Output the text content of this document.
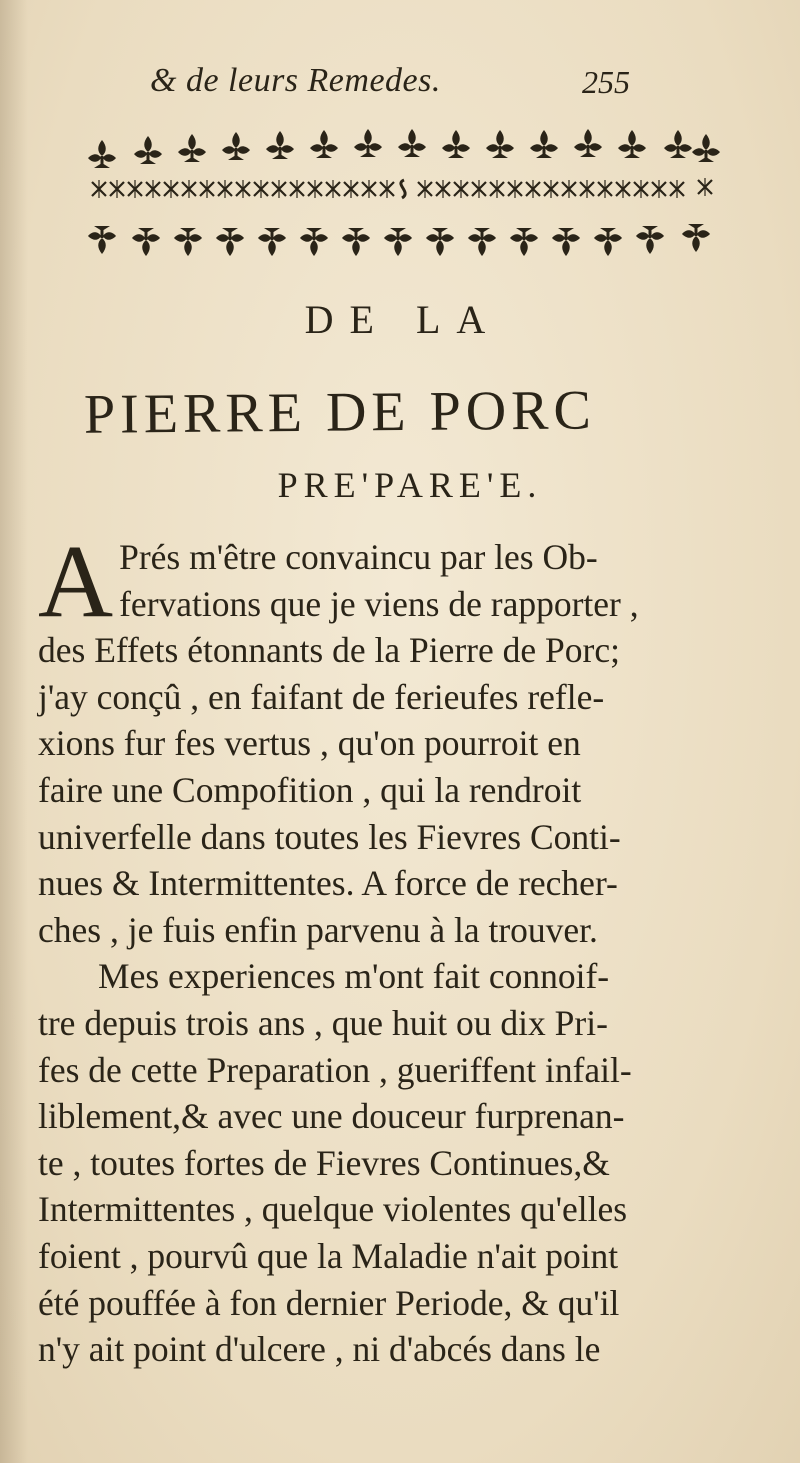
& de leurs Remedes.	255
DE LA
PIERRE DE PORC
PRE'PARE'E.
A Prés m'être convaincu par les Ob-
fervations que je viens de rapporter ,
des Effets étonnants de la Pierre de Porc;
j'ay conçû , en faifant de ferieufes refle-
xions fur fes vertus , qu'on pourroit en
faire une Compofition , qui la rendroit
univerfelle dans toutes les Fievres Conti-
nues & Intermittentes. A force de recher-
ches , je fuis enfin parvenu à la trouver.
Mes experiences m'ont fait connoif-
tre depuis trois ans , que huit ou dix Pri-
fes de cette Preparation , gueriffent infail-
liblement,& avec une douceur furprenan-
te , toutes fortes de Fievres Continues,&
Intermittentes , quelque violentes qu'elles
foient , pourvû que la Maladie n'ait point
été pouffée à fon dernier Periode, & qu'il
n'y ait point d'ulcere , ni d'abcés dans le
